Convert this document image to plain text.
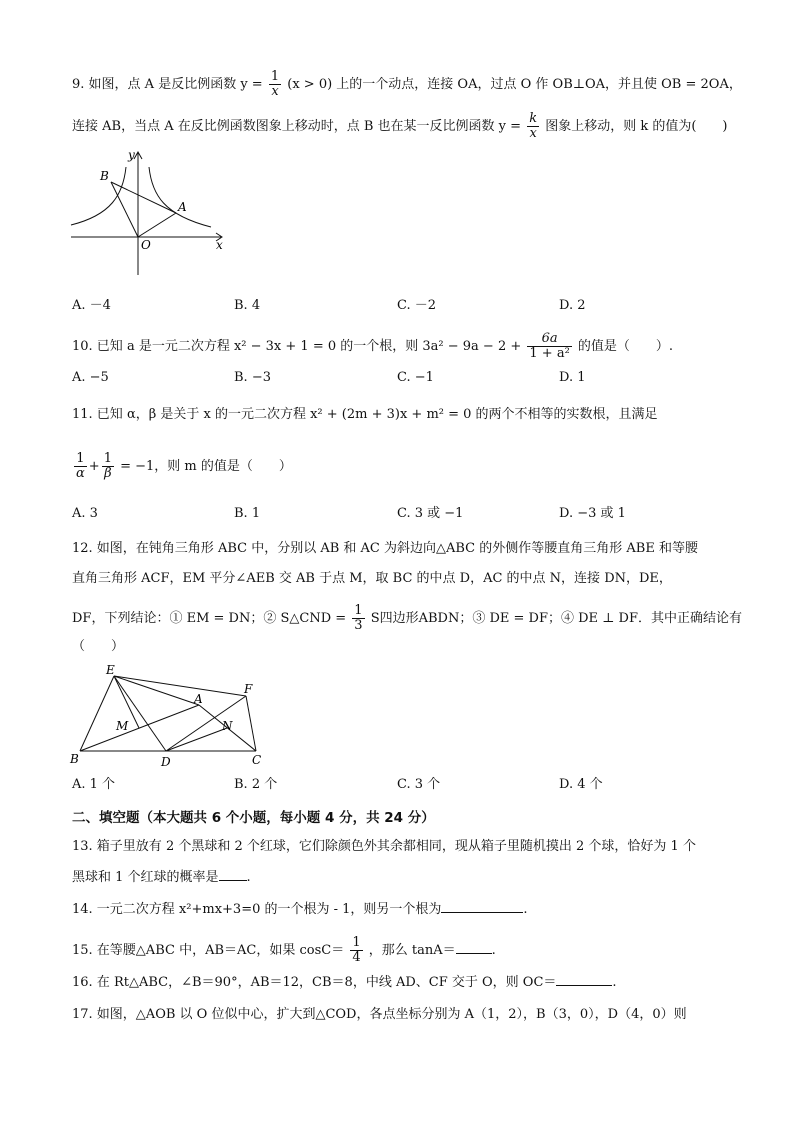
9. 如图，点 A 是反比例函数 $y = \frac{1}{x} (x > 0)$ 上的一个动点，连接 OA，过点 O 作 OB⊥OA，并且使 OB = 2OA，
连接 AB，当点 A 在反比例函数图象上移动时，点 B 也在某一反比例函数 $y = \frac{k}{x}$ 图象上移动，则 k 的值为(　　)
y
x
B
A
O
A. －4	B. 4	C. －2	D. 2
10. 已知 a 是一元二次方程 x² − 3x + 1 = 0 的一个根，则 $3a^2 - 9a - 2 + \frac{6a}{\text{1 + a²}}$ 的值是（　　）.
A. −5	B. −3	C. −1	D. 1
11. 已知 α，β 是关于 x 的一元二次方程 x² + (2m + 3)x + m² = 0 的两个不相等的实数根，且满足
$\frac{1}{\alpha} + \frac{1}{\beta} = -1$，则 m 的值是（　　）
A. 3	B. 1	C. 3 或 −1	D. −3 或 1
12. 如图，在钝角三角形 ABC 中，分别以 AB 和 AC 为斜边向△ABC 的外侧作等腰直角三角形 ABE 和等腰
直角三角形 ACF，EM 平分∠AEB 交 AB 于点 M，取 BC 的中点 D，AC 的中点 N，连接 DN，DE，
DF，下列结论：① EM = DN；② S△CND = $\frac{1}{3}$ S四边形ABDN；③ DE = DF；④ DE ⊥ DF．其中正确结论有
（　　）
E
A
F
M	N
B	D	C
A. 1 个	B. 2 个	C. 3 个	D. 4 个
二、填空题（本大题共 6 个小题，每小题 4 分，共 24 分）
13. 箱子里放有 2 个黑球和 2 个红球，它们除颜色外其余都相同，现从箱子里随机摸出 2 个球，恰好为 1 个
黑球和 1 个红球的概率是 .
14. 一元二次方程 x²+mx+3=0 的一个根为 - 1，则另一个根为	.
15. 在等腰△ABC 中，AB＝AC，如果 $\cos C= \frac{1}{4}$ ，那么 tanA＝	.
16. 在 Rt△ABC，∠B＝90°，AB＝12，CB＝8，中线 AD、CF 交于 O，则 OC＝	.
17. 如图，△AOB 以 O 位似中心，扩大到△COD，各点坐标分别为 A（1，2），B（3，0），D（4，0）则
